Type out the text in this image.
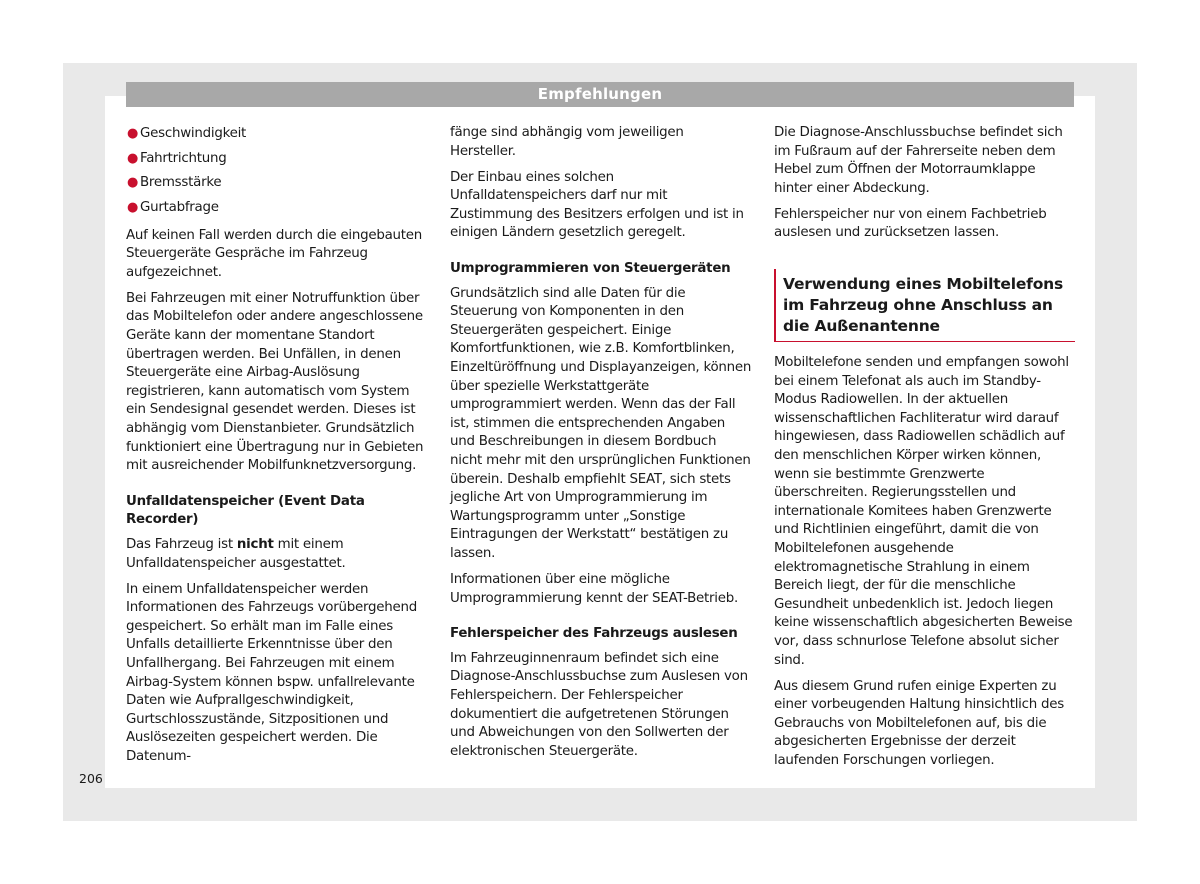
Empfehlungen
● Geschwindigkeit
● Fahrtrichtung
● Bremsstärke
● Gurtabfrage

Auf keinen Fall werden durch die eingebauten Steuergeräte Gespräche im Fahrzeug aufgezeichnet.

Bei Fahrzeugen mit einer Notruffunktion über das Mobiltelefon oder andere angeschlossene Geräte kann der momentane Standort übertragen werden. Bei Unfällen, in denen Steuergeräte eine Airbag-Auslösung registrieren, kann automatisch vom System ein Sendesignal gesendet werden. Dieses ist abhängig vom Dienstanbieter. Grundsätzlich funktioniert eine Übertragung nur in Gebieten mit ausreichender Mobilfunknetzversorgung.

Unfalldatenspeicher (Event Data Recorder)

Das Fahrzeug ist nicht mit einem Unfalldatenspeicher ausgestattet.

In einem Unfalldatenspeicher werden Informationen des Fahrzeugs vorübergehend gespeichert. So erhält man im Falle eines Unfalls detaillierte Erkenntnisse über den Unfallhergang. Bei Fahrzeugen mit einem Airbag-System können bspw. unfallrelevante Daten wie Aufprallgeschwindigkeit, Gurtschlosszustände, Sitzpositionen und Auslösezeiten gespeichert werden. Die Datenum-

fänge sind abhängig vom jeweiligen Hersteller.

Der Einbau eines solchen Unfalldatenspeichers darf nur mit Zustimmung des Besitzers erfolgen und ist in einigen Ländern gesetzlich geregelt.

Umprogrammieren von Steuergeräten

Grundsätzlich sind alle Daten für die Steuerung von Komponenten in den Steuergeräten gespeichert. Einige Komfortfunktionen, wie z.B. Komfortblinken, Einzeltüröffnung und Displayanzeigen, können über spezielle Werkstattgeräte umprogrammiert werden. Wenn das der Fall ist, stimmen die entsprechenden Angaben und Beschreibungen in diesem Bordbuch nicht mehr mit den ursprünglichen Funktionen überein. Deshalb empfiehlt SEAT, sich stets jegliche Art von Umprogrammierung im Wartungsprogramm unter „Sonstige Eintragungen der Werkstatt“ bestätigen zu lassen.

Informationen über eine mögliche Umprogrammierung kennt der SEAT-Betrieb.

Fehlerspeicher des Fahrzeugs auslesen

Im Fahrzeuginnenraum befindet sich eine Diagnose-Anschlussbuchse zum Auslesen von Fehlerspeichern. Der Fehlerspeicher dokumentiert die aufgetretenen Störungen und Abweichungen von den Sollwerten der elektronischen Steuergeräte.

Die Diagnose-Anschlussbuchse befindet sich im Fußraum auf der Fahrerseite neben dem Hebel zum Öffnen der Motorraumklappe hinter einer Abdeckung.

Fehlerspeicher nur von einem Fachbetrieb auslesen und zurücksetzen lassen.

Verwendung eines Mobiltelefons im Fahrzeug ohne Anschluss an die Außenantenne

Mobiltelefone senden und empfangen sowohl bei einem Telefonat als auch im Standby-Modus Radiowellen. In der aktuellen wissenschaftlichen Fachliteratur wird darauf hingewiesen, dass Radiowellen schädlich auf den menschlichen Körper wirken können, wenn sie bestimmte Grenzwerte überschreiten. Regierungsstellen und internationale Komitees haben Grenzwerte und Richtlinien eingeführt, damit die von Mobiltelefonen ausgehende elektromagnetische Strahlung in einem Bereich liegt, der für die menschliche Gesundheit unbedenklich ist. Jedoch liegen keine wissenschaftlich abgesicherten Beweise vor, dass schnurlose Telefone absolut sicher sind.

Aus diesem Grund rufen einige Experten zu einer vorbeugenden Haltung hinsichtlich des Gebrauchs von Mobiltelefonen auf, bis die abgesicherten Ergebnisse der derzeit laufenden Forschungen vorliegen.

206
